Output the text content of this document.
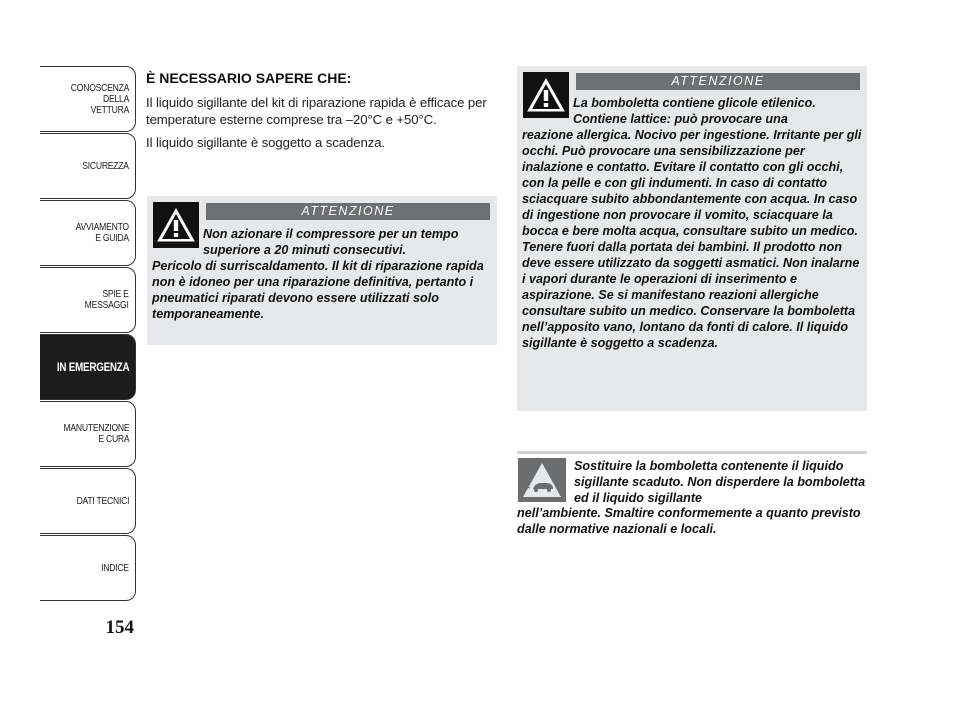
CONOSCENZA
DELLA
VETTURA
SICUREZZA
AVVIAMENTO
E GUIDA
SPIE E
MESSAGGI
IN EMERGENZA
MANUTENZIONE
E CURA
DATI TECNICI
INDICE
154
È NECESSARIO SAPERE CHE:
Il liquido sigillante del kit di riparazione rapida è efficace per temperature esterne comprese tra –20°C e +50°C.
Il liquido sigillante è soggetto a scadenza.
ATTENZIONE
Non azionare il compressore per un tempo superiore a 20 minuti consecutivi.
Pericolo di surriscaldamento. Il kit di riparazione rapida non è idoneo per una riparazione definitiva, pertanto i pneumatici riparati devono essere utilizzati solo temporaneamente.
ATTENZIONE
La bomboletta contiene glicole etilenico. Contiene lattice: può provocare una
reazione allergica. Nocivo per ingestione. Irritante per gli occhi. Può provocare una sensibilizzazione per inalazione e contatto. Evitare il contatto con gli occhi, con la pelle e con gli indumenti. In caso di contatto sciacquare subito abbondantemente con acqua. In caso di ingestione non provocare il vomito, sciacquare la bocca e bere molta acqua, consultare subito un medico. Tenere fuori dalla portata dei bambini. Il prodotto non deve essere utilizzato da soggetti asmatici. Non inalarne i vapori durante le operazioni di inserimento e aspirazione. Se si manifestano reazioni allergiche consultare subito un medico. Conservare la bomboletta nell’apposito vano, lontano da fonti di calore. Il liquido sigillante è soggetto a scadenza.
Sostituire la bomboletta contenente il liquido sigillante scaduto. Non disperdere la bomboletta ed il liquido sigillante
nell’ambiente. Smaltire conformemente a quanto previsto dalle normative nazionali e locali.
